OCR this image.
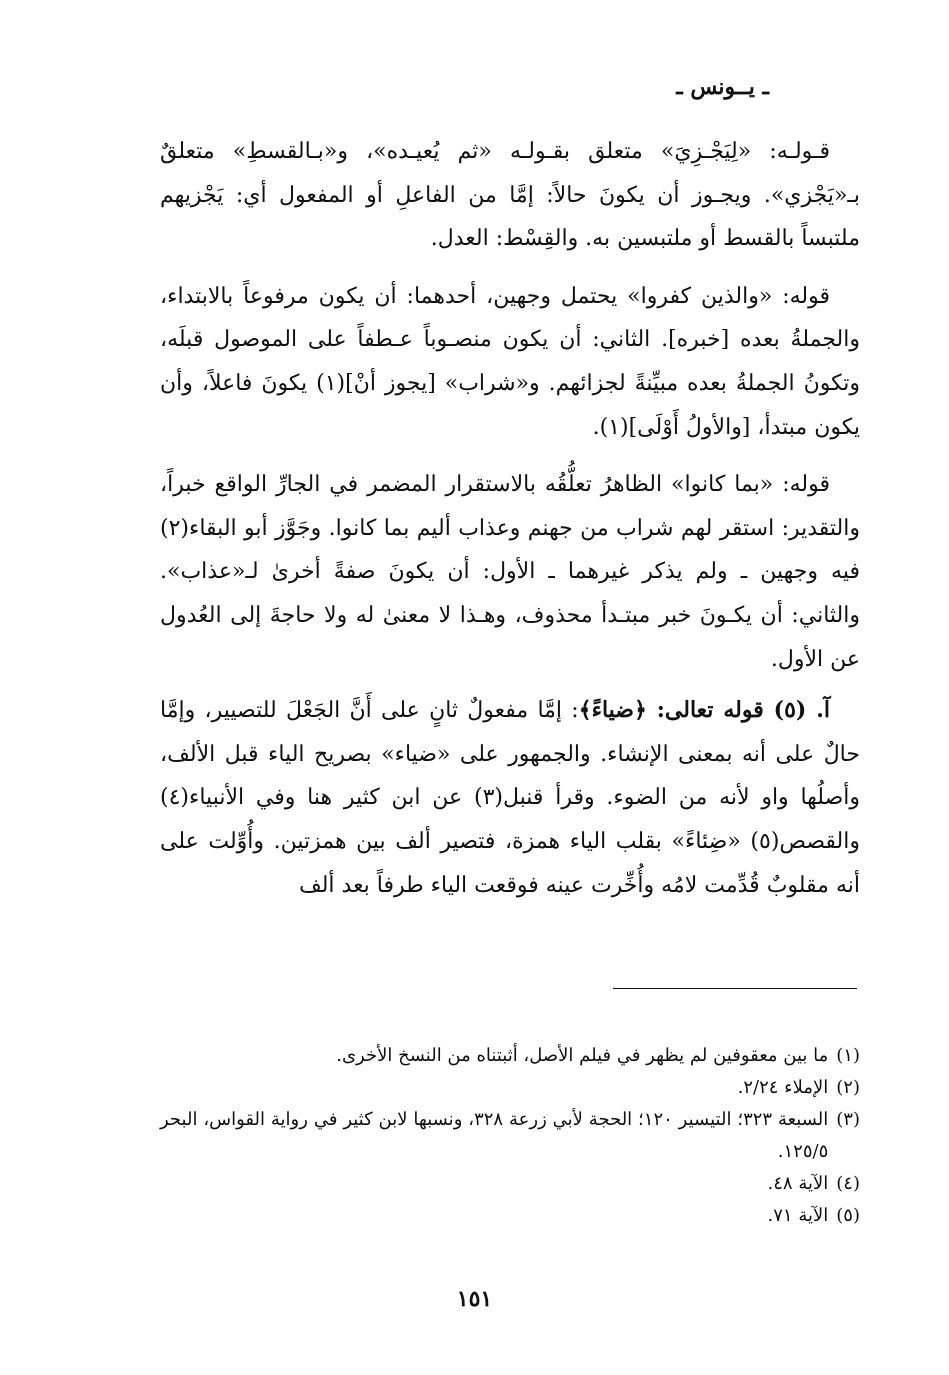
ـ يــونس ـ

قـولـه: «لِيَجْـزِيَ» متعلق بقـولـه «ثم يُعيـده»، و«بـالقسطِ» متعلقٌ بـ«يَجْزي». ويجـوز أن يكونَ حالاً: إمَّا من الفاعلِ أو المفعول أي: يَجْزيهم ملتبساً بالقسط أو ملتبسين به. والقِسْط: العدل.

قوله: «والذين كفروا» يحتمل وجهين، أحدهما: أن يكون مرفوعاً بالابتداء، والجملةُ بعده [خبره]. الثاني: أن يكون منصـوباً عـطفاً على الموصول قبلَه، وتكونُ الجملةُ بعده مبيِّنةً لجزائهم. و«شراب» [يجوز أنْ](١) يكونَ فاعلاً، وأن يكون مبتدأ، [والأولُ أَوْلَى](١).

قوله: «بما كانوا» الظاهرُ تعلُّقُه بالاستقرار المضمر في الجارِّ الواقع خبراً، والتقدير: استقر لهم شراب من جهنم وعذاب أليم بما كانوا. وجَوَّز أبو البقاء(٢) فيه وجهين ـ ولم يذكر غيرهما ـ الأول: أن يكونَ صفةً أخرىٰ لـ«عذاب». والثاني: أن يكـونَ خبر مبتـدأ محذوف، وهـذا لا معنىٰ له ولا حاجةَ إلى العُدول عن الأول.

آ. (٥) قوله تعالى: ﴿ضياءً﴾: إمَّا مفعولٌ ثانٍ على أَنَّ الجَعْلَ للتصيير، وإمَّا حالٌ على أنه بمعنى الإنشاء. والجمهور على «ضياء» بصريح الياء قبل الألف، وأصلُها واو لأنه من الضوء. وقرأ قنبل(٣) عن ابن كثير هنا وفي الأنبياء(٤) والقصص(٥) «ضِئاءً» بقلب الياء همزة، فتصير ألف بين همزتين. وأُوِّلت على أنه مقلوبٌ قُدِّمت لامُه وأُخِّرت عينه فوقعت الياء طرفاً بعد ألف

(١)
ما بين معقوفين لم يظهر في فيلم الأصل، أثبتناه من النسخ الأخرى.
(٢)
الإملاء ٢/٢٤.
(٣)
السبعة ٣٢٣؛ التيسير ١٢٠؛ الحجة لأبي زرعة ٣٢٨، ونسبها لابن كثير في رواية القواس، البحر ١٢٥/٥.
(٤)
الآية ٤٨.
(٥)
الآية ٧١.
١٥١
